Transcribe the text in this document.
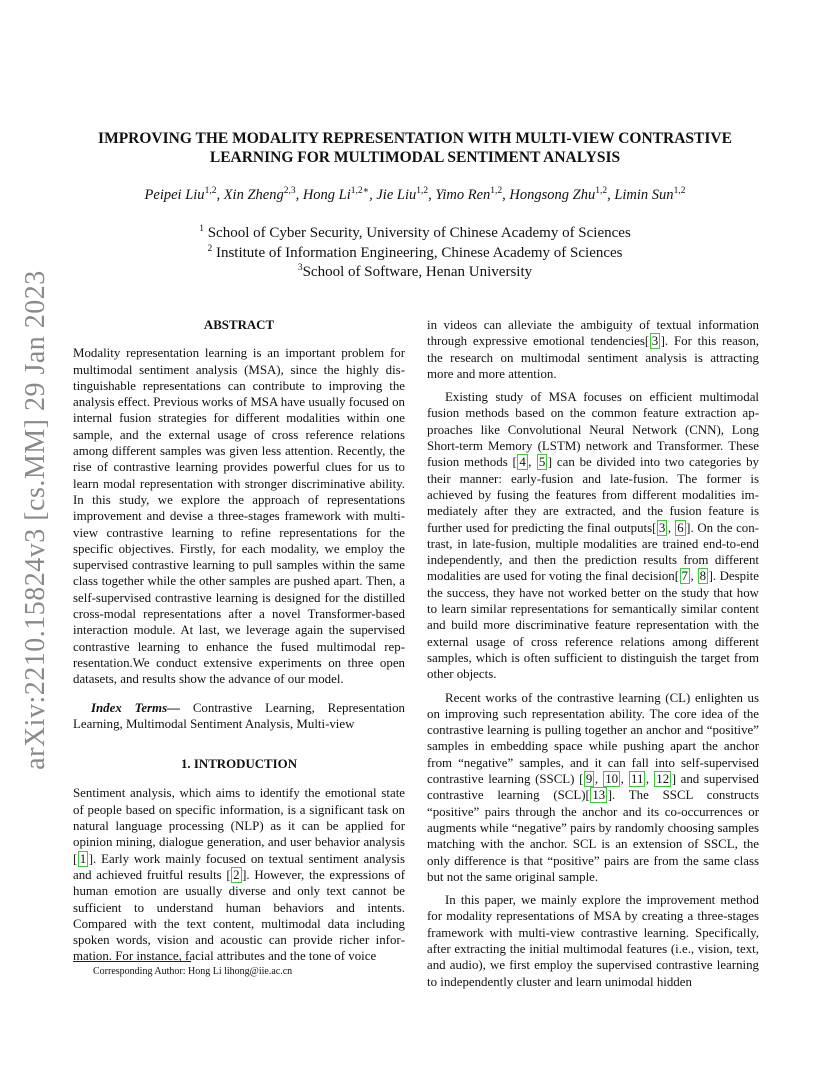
arXiv:2210.15824v3 [cs.MM] 29 Jan 2023
IMPROVING THE MODALITY REPRESENTATION WITH MULTI-VIEW CONTRASTIVE
LEARNING FOR MULTIMODAL SENTIMENT ANALYSIS
Peipei Liu$^{1,2}$, Xin Zheng$^{2,3}$, Hong $Li^{1,2∗}$, Jie Liu$^{1,2}$, Yimo Ren$^{1,2}$, Hongsong Zhu$^{1,2}$, Limin Sun$^{1,2}$
$^1$ School of Cyber Security, University of Chinese Academy of Sciences
$^2$ Institute of Information Engineering, Chinese Academy of Sciences
$^3$School of Software, Henan University
ABSTRACT

Modality representation learning is an important problem for multimodal sentiment analysis (MSA), since the highly distinguishable representations can contribute to improving the analysis effect. Previous works of MSA have usually focused on internal fusion strategies for different modalities within one sample, and the external usage of cross reference relations among different samples was given less attention. Recently, the rise of contrastive learning provides powerful clues for us to learn modal representation with stronger discriminative ability. In this study, we explore the approach of representations improvement and devise a three-stages framework with multi-view contrastive learning to refine representations for the specific objectives. Firstly, for each modality, we employ the supervised contrastive learning to pull samples within the same class together while the other samples are pushed apart. Then, a self-supervised contrastive learning is designed for the distilled cross-modal representations after a novel Transformer-based interaction module. At last, we leverage again the supervised contrastive learning to enhance the fused multimodal representation.We conduct extensive experiments on three open datasets, and results show the advance of our model.

Index Terms— Contrastive Learning, Representation Learning, Multimodal Sentiment Analysis, Multi-view

1. INTRODUCTION

Sentiment analysis, which aims to identify the emotional state of people based on specific information, is a significant task on natural language processing (NLP) as it can be applied for opinion mining, dialogue generation, and user behavior analysis [ 1 ]. Early work mainly focused on textual sentiment analysis and achieved fruitful results [ 2 ]. However, the expressions of human emotion are usually diverse and only text cannot be sufficient to understand human behaviors and intents. Compared with the text content, multimodal data including spoken words, vision and acoustic can provide richer information. For instance, facial attributes and the tone of voice

in videos can alleviate the ambiguity of textual information through expressive emotional tendencies[ 3 ]. For this reason, the research on multimodal sentiment analysis is attracting more and more attention.

Existing study of MSA focuses on efficient multimodal fusion methods based on the common feature extraction approaches like Convolutional Neural Network (CNN), Long Short-term Memory (LSTM) network and Transformer. These fusion methods [ 4 , 5 ] can be divided into two categories by their manner: early-fusion and late-fusion. The former is achieved by fusing the features from different modalities immediately after they are extracted, and the fusion feature is further used for predicting the final outputs[ 3 , 6 ]. On the contrast, in late-fusion, multiple modalities are trained end-to-end independently, and then the prediction results from different modalities are used for voting the final decision[ 7 , 8 ]. Despite the success, they have not worked better on the study that how to learn similar representations for semantically similar content and build more discriminative feature representation with the external usage of cross reference relations among different samples, which is often sufficient to distinguish the target from other objects.

Recent works of the contrastive learning (CL) enlighten us on improving such representation ability. The core idea of the contrastive learning is pulling together an anchor and “positive” samples in embedding space while pushing apart the anchor from “negative” samples, and it can fall into self-supervised contrastive learning (SSCL) [ 9 , 10 , 11 , 12 ] and supervised contrastive learning (SCL)[ 13 ]. The SSCL constructs “positive” pairs through the anchor and its co-occurrences or augments while “negative” pairs by randomly choosing samples matching with the anchor. SCL is an extension of SSCL, the only difference is that “positive” pairs are from the same class but not the same original sample.

In this paper, we mainly explore the improvement method for modality representations of MSA by creating a three-stages framework with multi-view contrastive learning. Specifically, after extracting the initial multimodal features (i.e., vision, text, and audio), we first employ the supervised contrastive learning to independently cluster and learn unimodal hidden

Corresponding Author: Hong Li lihong@iie.ac.cn
